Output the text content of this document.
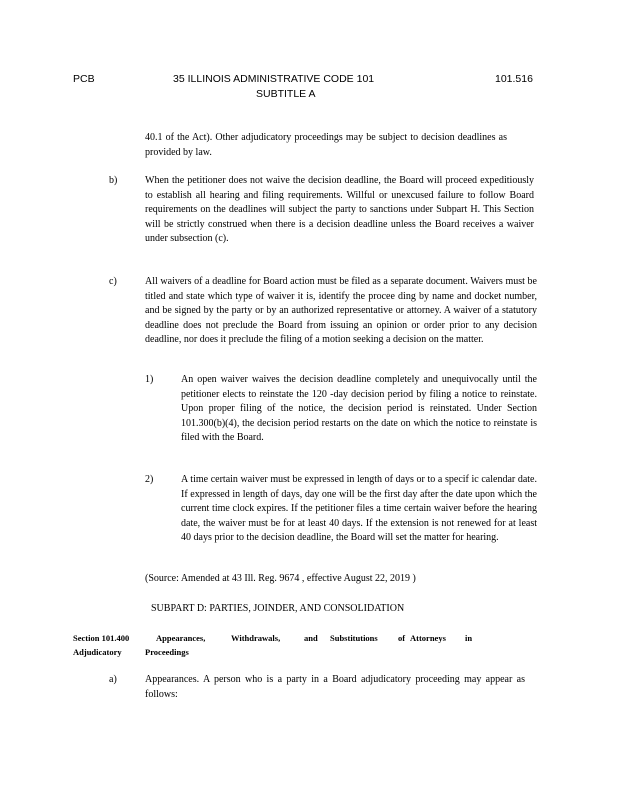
PCB	35 ILLINOIS ADMINISTRATIVE CODE 101
SUBTITLE A
101.516
40.1 of the Act). Other adjudicatory proceedings may be subject to decision deadlines as provided by law.
b)	When the petitioner does not waive the decision deadline, the Board will proceed expeditiously to establish all hearing and filing requirements. Willful or unexcused failure to follow Board requirements on the deadlines will subject the party to sanctions under Subpart H. This Section will be strictly construed when there is a decision deadline unless the Board receives a waiver under subsection (c).
c)	All waivers of a deadline for Board action must be filed as a separate document. Waivers must be titled and state which type of waiver it is, identify the procee ding by name and docket number, and be signed by the party or by an authorized representative or attorney. A waiver of a statutory deadline does not preclude the Board from issuing an opinion or order prior to any decision deadline, nor does it preclude the filing of a motion seeking a decision on the matter.
1)	An open waiver waives the decision deadline completely and unequivocally until the petitioner elects to reinstate the 120 -day decision period by filing a notice to reinstate. Upon proper filing of the notice, the decision period is reinstated. Under Section 101.300(b)(4), the decision period restarts on the date on which the notice to reinstate is filed with the Board.
2)	A time certain waiver must be expressed in length of days or to a specif ic calendar date. If expressed in length of days, day one will be the first day after the date upon which the current time clock expires. If the petitioner files a time certain waiver before the hearing date, the waiver must be for at least 40 days. If the extension is not renewed for at least 40 days prior to the decision deadline, the Board will set the matter for hearing.
(Source: Amended at 43 Ill. Reg. 9674 , effective August 22, 2019 )
SUBPART D: PARTIES, JOINDER, AND CONSOLIDATION
Section 101.400	Appearances,	Withdrawals,	and Substitutions of Attorneys in
Adjudicatory	Proceedings
a)	Appearances. A person who is a party in a Board adjudicatory proceeding may appear as follows:
